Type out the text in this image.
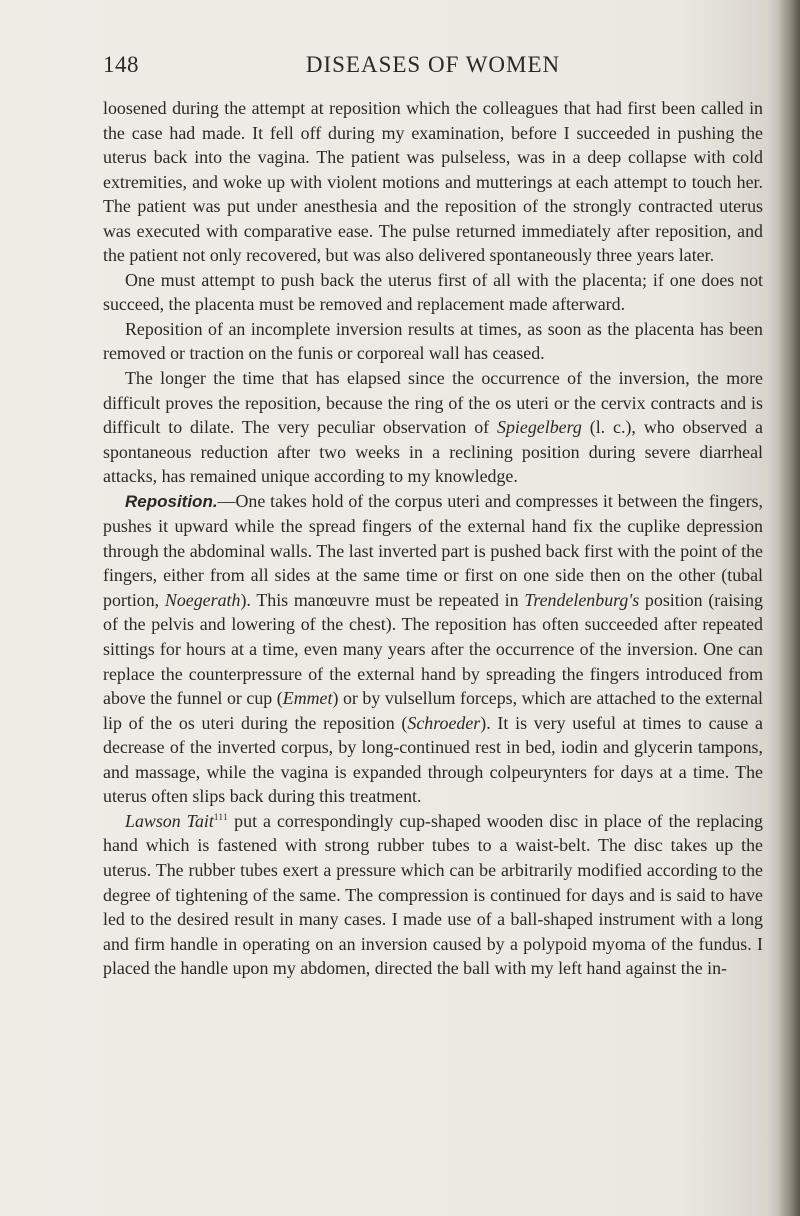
148	DISEASES OF WOMEN

loosened during the attempt at reposition which the colleagues that had first been called in the case had made. It fell off during my examination, before I succeeded in pushing the uterus back into the vagina. The patient was pulseless, was in a deep collapse with cold extremities, and woke up with violent motions and mutterings at each attempt to touch her. The patient was put under anesthesia and the reposition of the strongly contracted uterus was executed with comparative ease. The pulse returned immediately after reposition, and the patient not only recovered, but was also delivered spontaneously three years later.

One must attempt to push back the uterus first of all with the placenta; if one does not succeed, the placenta must be removed and replacement made afterward.

Reposition of an incomplete inversion results at times, as soon as the placenta has been removed or traction on the funis or corporeal wall has ceased.

The longer the time that has elapsed since the occurrence of the inversion, the more difficult proves the reposition, because the ring of the os uteri or the cervix contracts and is difficult to dilate. The very peculiar observation of Spiegelberg (l. c.), who observed a spontaneous reduction after two weeks in a reclining position during severe diarrheal attacks, has remained unique according to my knowledge.

Reposition.—One takes hold of the corpus uteri and compresses it between the fingers, pushes it upward while the spread fingers of the external hand fix the cuplike depression through the abdominal walls. The last inverted part is pushed back first with the point of the fingers, either from all sides at the same time or first on one side then on the other (tubal portion, Noegerath). This manœuvre must be repeated in Trendelenburg's position (raising of the pelvis and lowering of the chest). The reposition has often succeeded after repeated sittings for hours at a time, even many years after the occurrence of the inversion. One can replace the counterpressure of the external hand by spreading the fingers introduced from above the funnel or cup (Emmet) or by vulsellum forceps, which are attached to the external lip of the os uteri during the reposition (Schroeder). It is very useful at times to cause a decrease of the inverted corpus, by long-continued rest in bed, iodin and glycerin tampons, and massage, while the vagina is expanded through colpeurynters for days at a time. The uterus often slips back during this treatment.

Lawson Tait$^{111}$ put a correspondingly cup-shaped wooden disc in place of the replacing hand which is fastened with strong rubber tubes to a waist-belt. The disc takes up the uterus. The rubber tubes exert a pressure which can be arbitrarily modified according to the degree of tightening of the same. The compression is continued for days and is said to have led to the desired result in many cases. I made use of a ball-shaped instrument with a long and firm handle in operating on an inversion caused by a polypoid myoma of the fundus. I placed the handle upon my abdomen, directed the ball with my left hand against the in-
